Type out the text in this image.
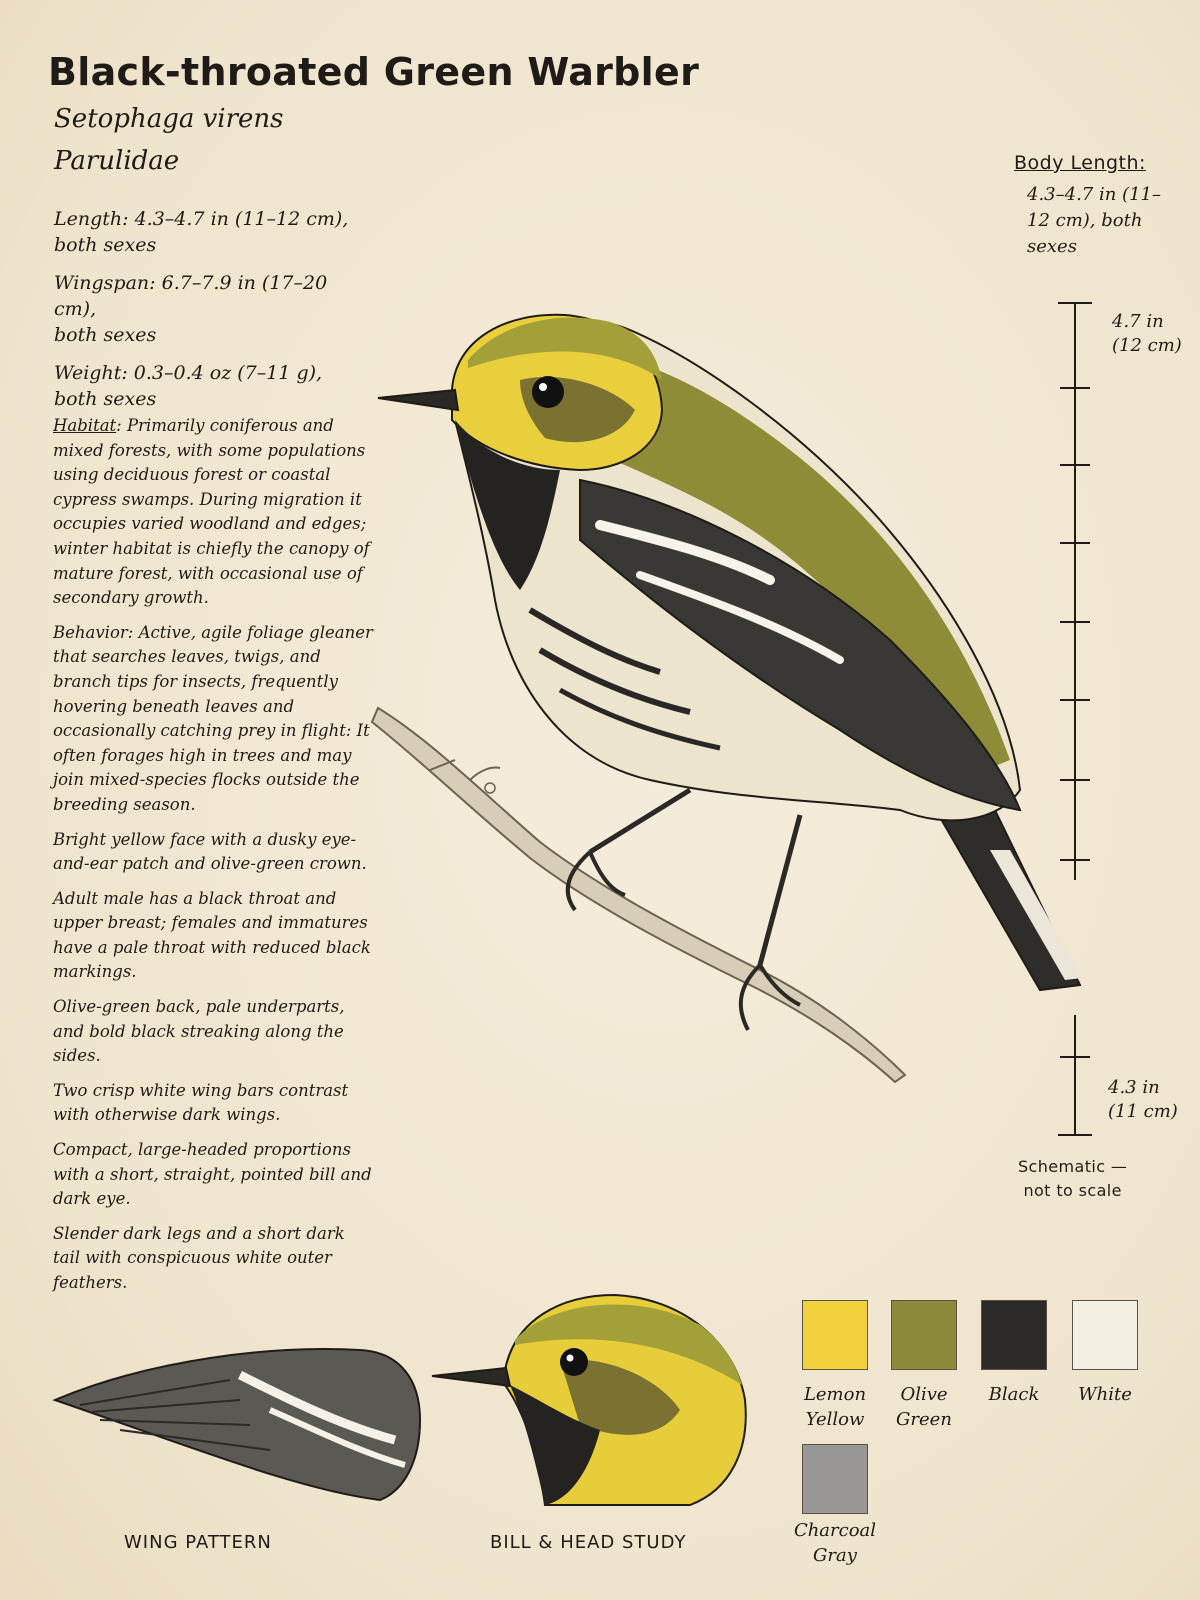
Black-throated Green Warbler
Setophaga virens
Parulidae
Length: 4.3–4.7 in (11–12 cm),
both sexes
Wingspan: 6.7–7.9 in (17–20 cm),
both sexes
Weight: 0.3–0.4 oz (7–11 g),
both sexes

Habitat: Primarily coniferous and mixed forests, with some populations using deciduous forest or coastal cypress swamps. During migration it occupies varied woodland and edges; winter habitat is chiefly the canopy of mature forest, with occasional use of secondary growth.

Behavior: Active, agile foliage gleaner that searches leaves, twigs, and branch tips for insects, frequently hovering beneath leaves and occasionally catching prey in flight: It often forages high in trees and may join mixed-species flocks outside the breeding season.

Bright yellow face with a dusky eye-and-ear patch and olive-green crown.

Adult male has a black throat and upper breast; females and immatures have a pale throat with reduced black markings.

Olive-green back, pale underparts, and bold black streaking along the sides.

Two crisp white wing bars contrast with otherwise dark wings.

Compact, large-headed proportions with a short, straight, pointed bill and dark eye.

Slender dark legs and a short dark tail with conspicuous white outer feathers.

Body Length:
4.3–4.7 in (11–12 cm), both sexes
4.7 in
(12 cm)
4.3 in
(11 cm)
Schematic —
not to scale
WING PATTERN	BILL & HEAD STUDY
Lemon
Yellow
Olive
Green
Black	White
Charcoal
Gray
